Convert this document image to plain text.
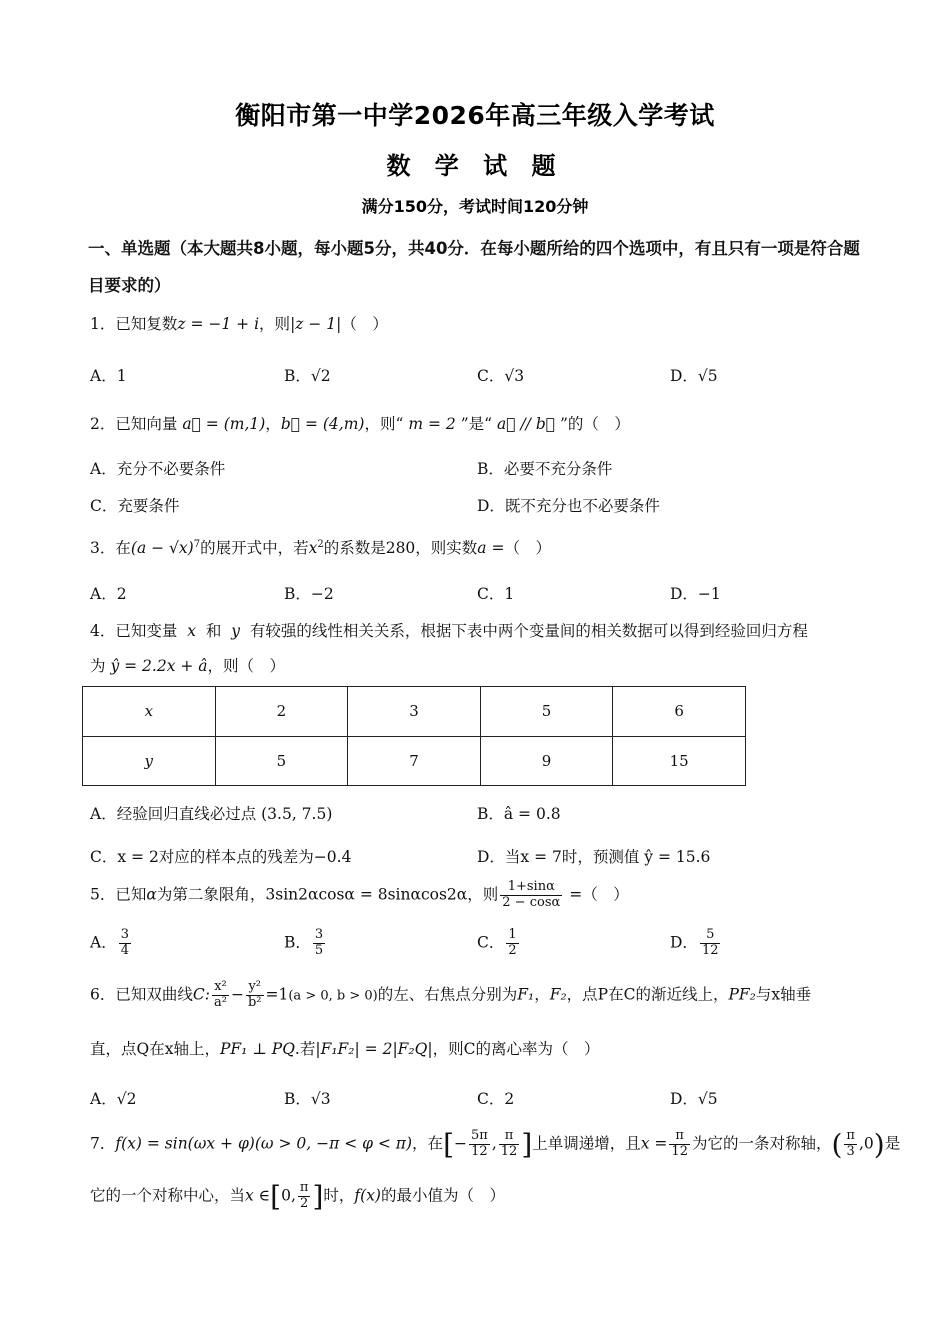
衡阳市第一中学2026年高三年级入学考试
数 学 试 题
满分150分，考试时间120分钟
一、单选题（本大题共8小题，每小题5分，共40分．在每小题所给的四个选项中，有且只有一项是符合题目要求的）
1．已知复数z = −1 + i，则|z − 1|（　）
A．1	B．√2	C．√3	D．√5
2．已知向量 a⃗ = (m,1)，b⃗ = (4,m)，则“ m = 2 ”是“ a⃗ // b⃗ ”的（　）
A．充分不必要条件	B．必要不充分条件
C．充要条件	D．既不充分也不必要条件
3．在$(a - √x)^7$的展开式中，若$x^2$的系数是280，则实数a =（　）
A．2	B．−2	C．1	D．−1
4．已知变量 x 和 y 有较强的线性相关关系，根据下表中两个变量间的相关数据可以得到经验回归方程
为 ŷ = 2.2x + â，则（　）
x	2	3	5	6
y	5	7	9	15
A．经验回归直线必过点 (3.5, 7.5)	B．â = 0.8
C．x = 2对应的样本点的残差为−0.4	D．当x = 7时，预测值 ŷ = 15.6
5．已知α为第二象限角，3sin2αcosα = 8sinαcos2α，则 $\frac{1+\sin\alpha}{2 - \cos\alpha}$ =（　）
A． $\frac{3}{4}$	B． $\frac{3}{5}$	C． $\frac{1}{2}$	D． $\frac{5}{12}$
6．已知双曲线C: $\frac{\text{x²}}{\text{a²}} - \frac{\text{y²}}{\text{b²}} =1(a > 0$, b > 0)的左、右焦点分别为F₁，F₂，点P在C的渐近线上，PF₂与x轴垂
直，点Q在x轴上，PF₁ ⊥ PQ.若|F₁F₂| = 2|F₂Q|，则C的离心率为（　）
A．√2	B．√3	C．2	D．√5
7．f(x) = sin(ωx + φ)(ω > 0, −π < φ < π)，在[− $\frac{5\pi}{12}$ , $\frac{\pi}{12}$ ]上单调递增，且$x = \frac{\pi}{12}$ 为它的一条对称轴，( $\frac{\pi}{3} ,0$)是
它的一个对称中心，当x ∈[0, $\frac{\pi}{2}$ ]时，f(x)的最小值为（　）
